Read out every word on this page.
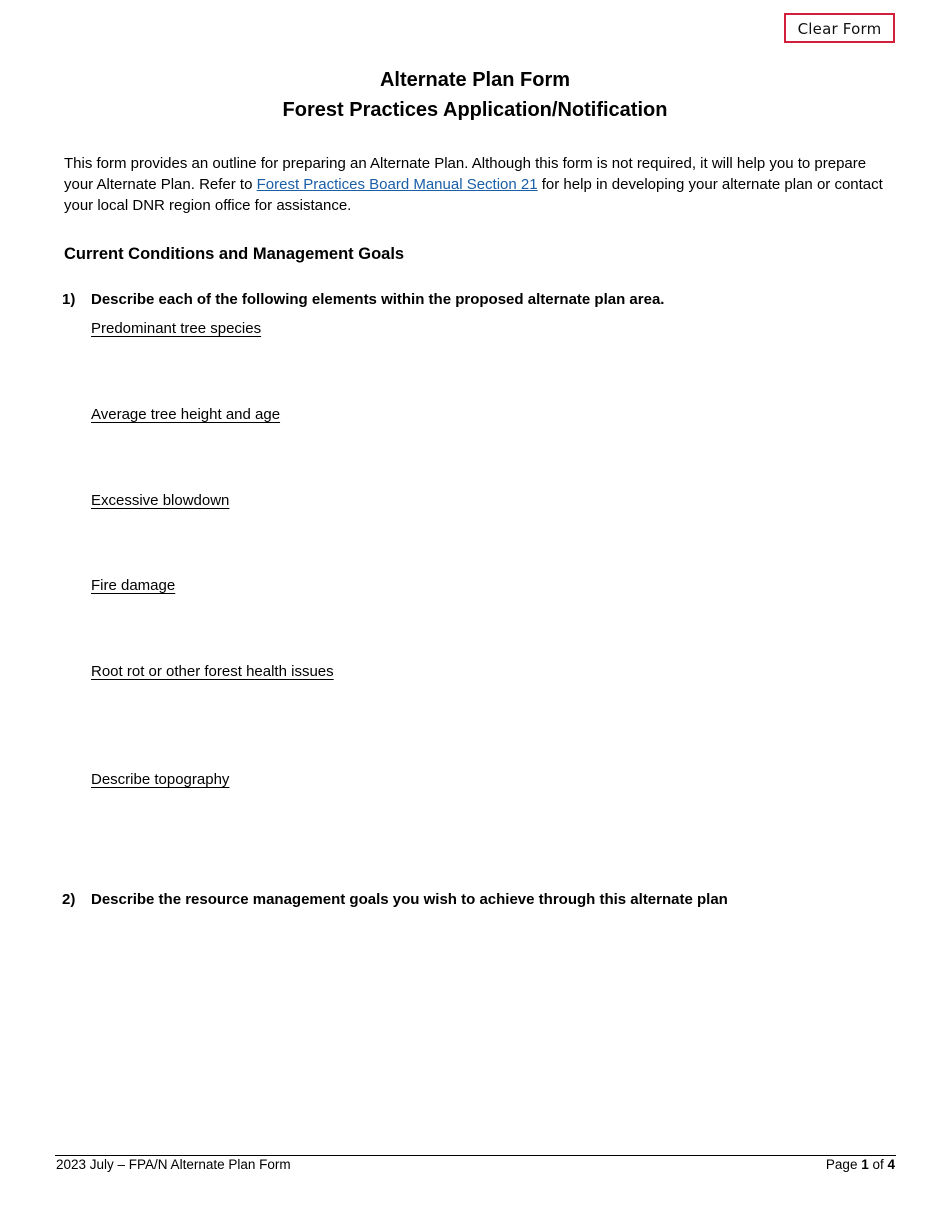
Clear Form
Alternate Plan Form
Forest Practices Application/Notification
This form provides an outline for preparing an Alternate Plan. Although this form is not required, it will help you to prepare your Alternate Plan. Refer to Forest Practices Board Manual Section 21 for help in developing your alternate plan or contact your local DNR region office for assistance.
Current Conditions and Management Goals
1) Describe each of the following elements within the proposed alternate plan area.
Predominant tree species
Average tree height and age
Excessive blowdown
Fire damage
Root rot or other forest health issues
Describe topography
2) Describe the resource management goals you wish to achieve through this alternate plan
2023 July – FPA/N Alternate Plan Form	Page 1 of 4
